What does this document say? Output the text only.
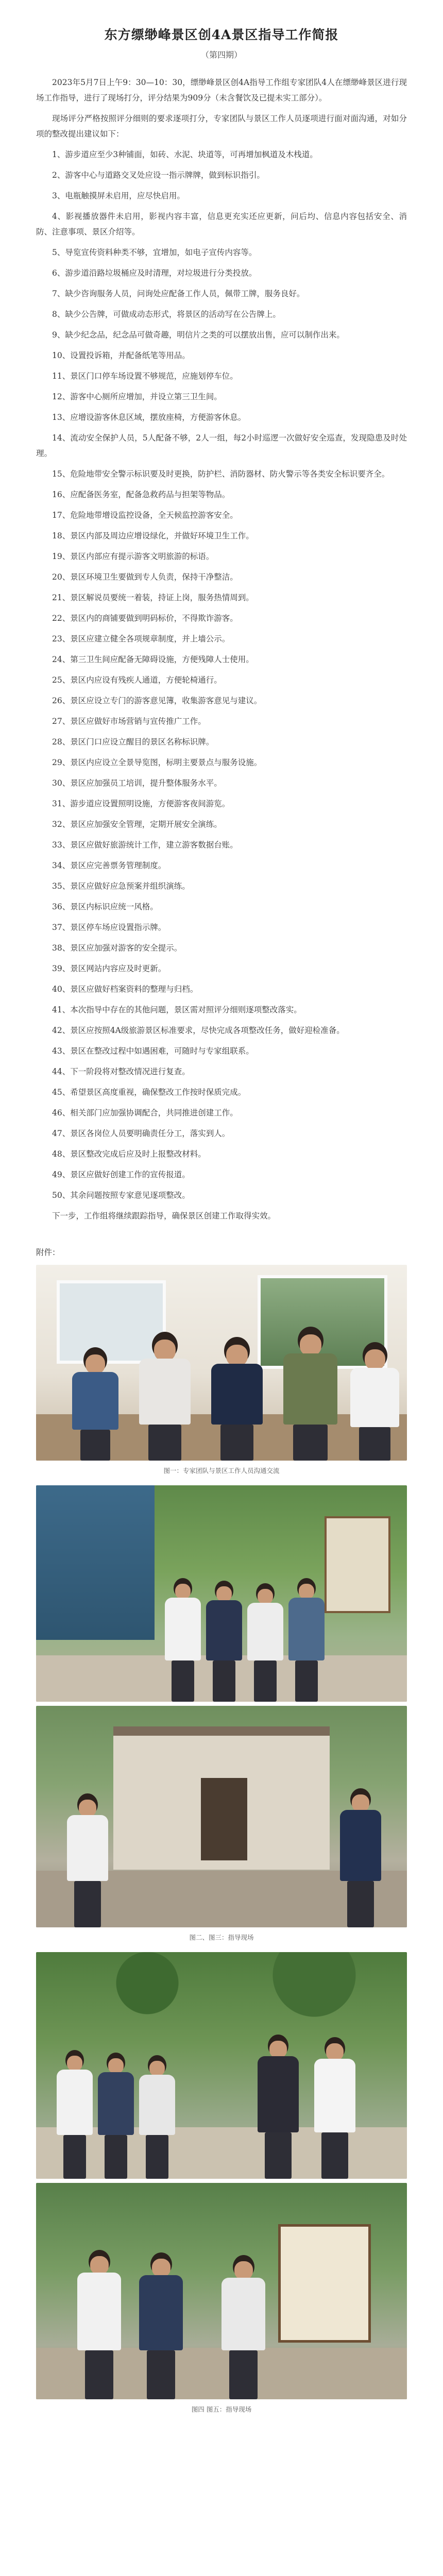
东方缥缈峰景区创4A景区指导工作简报
（第四期）

2023年5月7日上午9：30—10：30，缥缈峰景区创4A指导工作组专家团队4人在缥缈峰景区进行现场工作指导，进行了现场打分，评分结果为909分（未含餐饮及已提未实工部分）。

现场评分严格按照评分细则的要求逐项打分，专家团队与景区工作人员逐项进行面对面沟通，对如分项的整改提出建议如下：

1、游步道应至少3种铺面，如砖、水泥、块道等，可再增加枫道及木栈道。

2、游客中心与道路交叉处应设一指示牌牌，做到标识指引。

3、电瓶触摸屏未启用，应尽快启用。

4、影视播放器件未启用，影视内容丰富，信息更充实还应更新，问后均、信息内容包括安全、消防、注意事项、景区介绍等。

5、导览宣传资料种类不够，宜增加，如电子宣传内容等。

6、游步道沿路垃圾桶应及时清理，对垃圾进行分类投放。

7、缺少咨询服务人员，问询处应配备工作人员，佩带工牌，服务良好。

8、缺少公告牌，可做成动态形式，将景区的活动写在公告牌上。

9、缺少纪念品，纪念品可做奇趣，明信片之类的可以摆放出售，应可以制作出来。

10、设置投诉箱，并配备纸笔等用品。

11、景区门口停车场设置不够规范，应施划停车位。

12、游客中心厕所应增加，并设立第三卫生间。

13、应增设游客休息区域，摆放座椅，方便游客休息。

14、流动安全保护人员，5人配备不够，2人一组，每2小时巡逻一次做好安全巡查，发现隐患及时处理。

15、危险地带安全警示标识要及时更换，防护栏、消防器材、防火警示等各类安全标识要齐全。

16、应配备医务室，配备急救药品与担架等物品。

17、危险地带增设监控设备，全天候监控游客安全。

18、景区内部及周边应增设绿化，并做好环境卫生工作。

19、景区内部应有提示游客文明旅游的标语。

20、景区环境卫生要做到专人负责，保持干净整洁。

21、景区解说员要统一着装，持证上岗，服务热情周到。

22、景区内的商铺要做到明码标价，不得欺诈游客。

23、景区应建立健全各项规章制度，并上墙公示。

24、第三卫生间应配备无障碍设施，方便残障人士使用。

25、景区内应设有残疾人通道，方便轮椅通行。

26、景区应设立专门的游客意见簿，收集游客意见与建议。

27、景区应做好市场营销与宣传推广工作。

28、景区门口应设立醒目的景区名称标识牌。

29、景区内应设立全景导览图，标明主要景点与服务设施。

30、景区应加强员工培训，提升整体服务水平。

31、游步道应设置照明设施，方便游客夜间游览。

32、景区应加强安全管理，定期开展安全演练。

33、景区应做好旅游统计工作，建立游客数据台账。

34、景区应完善票务管理制度。

35、景区应做好应急预案并组织演练。

36、景区内标识应统一风格。

37、景区停车场应设置指示牌。

38、景区应加强对游客的安全提示。

39、景区网站内容应及时更新。

40、景区应做好档案资料的整理与归档。

41、本次指导中存在的其他问题，景区需对照评分细则逐项整改落实。

42、景区应按照4A级旅游景区标准要求，尽快完成各项整改任务，做好迎检准备。

43、景区在整改过程中如遇困难，可随时与专家组联系。

44、下一阶段将对整改情况进行复查。

45、希望景区高度重视，确保整改工作按时保质完成。

46、相关部门应加强协调配合，共同推进创建工作。

47、景区各岗位人员要明确责任分工，落实到人。

48、景区整改完成后应及时上报整改材料。

49、景区应做好创建工作的宣传报道。

50、其余问题按照专家意见逐项整改。

下一步，工作组将继续跟踪指导，确保景区创建工作取得实效。

附件：
图一：专家团队与景区工作人员沟通交流
图二、图三：指导现场
图四 图五：指导现场
